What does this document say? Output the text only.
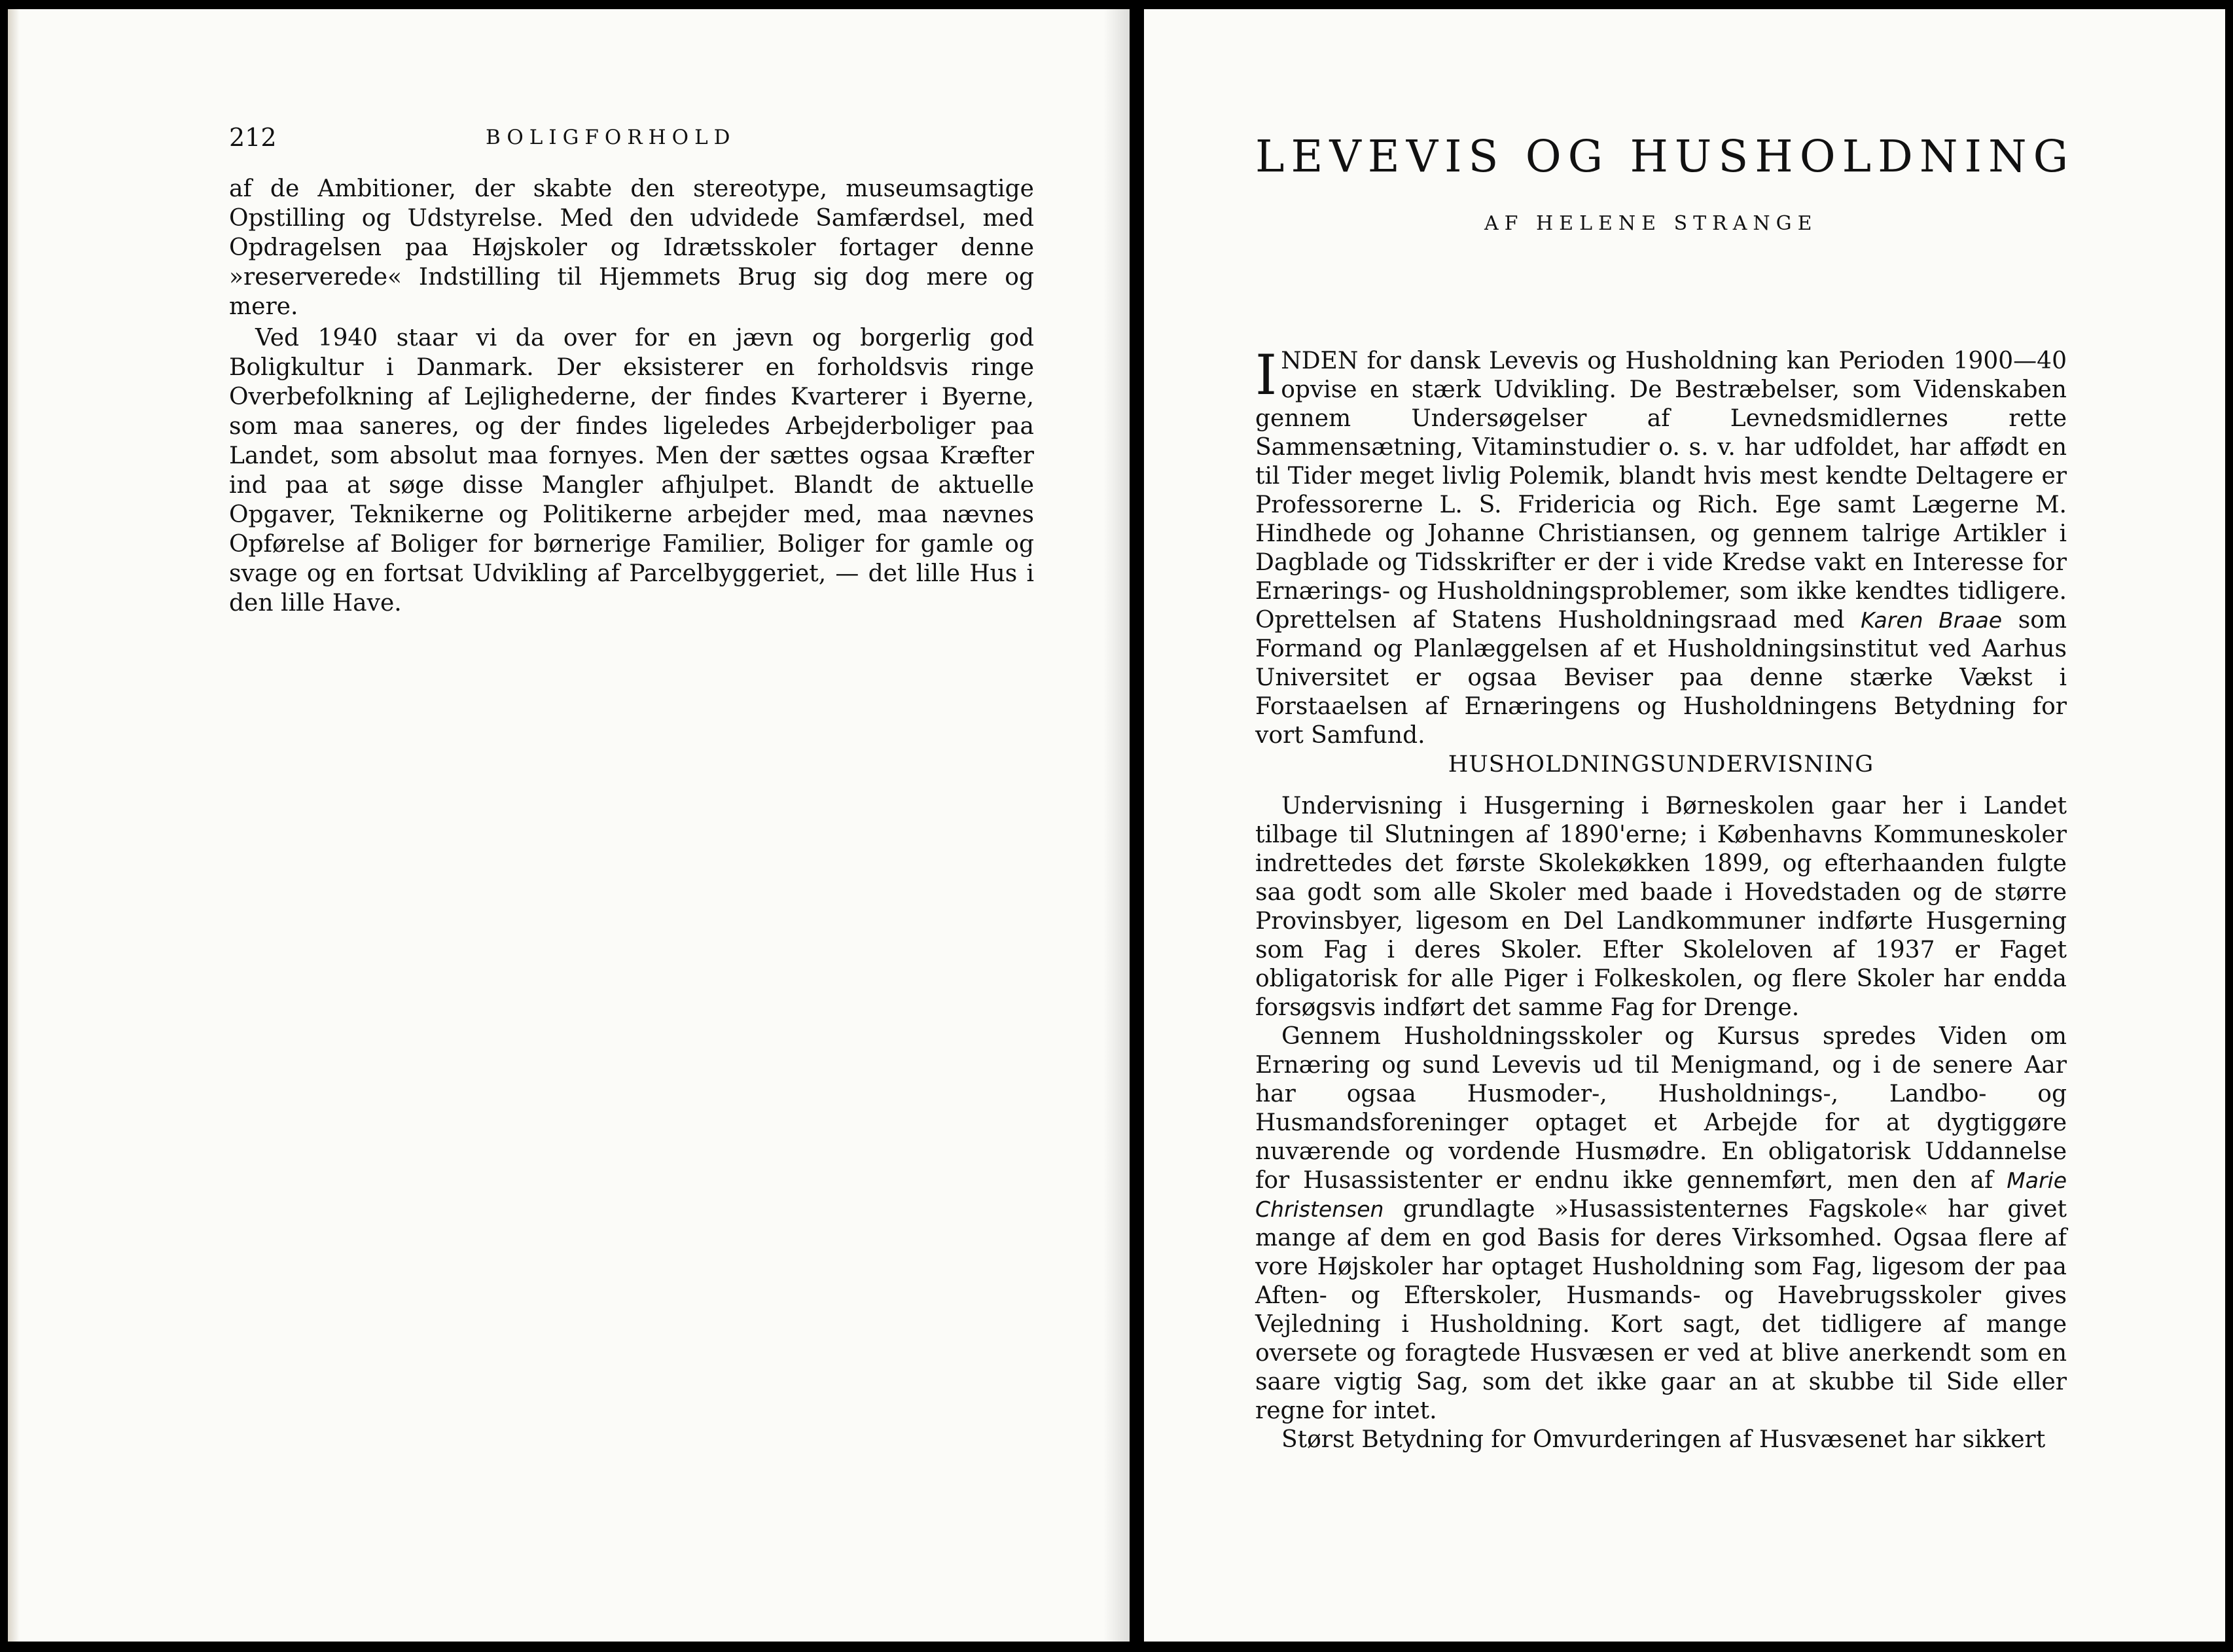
212	BOLIGFORHOLD

af de Ambitioner, der skabte den stereotype, museumsagtige Opstilling og Udstyrelse. Med den udvidede Samfærdsel, med Opdragelsen paa Højskoler og Idrætsskoler fortager denne »reserverede« Indstilling til Hjemmets Brug sig dog mere og mere.

Ved 1940 staar vi da over for en jævn og borgerlig god Boligkultur i Danmark. Der eksisterer en forholdsvis ringe Overbefolkning af Lejlighederne, der findes Kvarterer i Byerne, som maa saneres, og der findes ligeledes Arbejderboliger paa Landet, som absolut maa fornyes. Men der sættes ogsaa Kræfter ind paa at søge disse Mangler afhjulpet. Blandt de aktuelle Opgaver, Teknikerne og Politikerne arbejder med, maa nævnes Opførelse af Boliger for børnerige Familier, Boliger for gamle og svage og en fortsat Udvikling af Parcelbyggeriet, — det lille Hus i den lille Have.

LEVEVIS OG HUSHOLDNING
AF HELENE STRANGE
INDEN for dansk Levevis og Husholdning kan Perioden 1900—40 opvise en stærk Udvikling. De Bestræbelser, som Videnskaben gennem Undersøgelser af Levnedsmidlernes rette Sammensætning, Vitaminstudier o. s. v. har udfoldet, har affødt en til Tider meget livlig Polemik, blandt hvis mest kendte Deltagere er Professorerne L. S. Fridericia og Rich. Ege samt Lægerne M. Hindhede og Johanne Christiansen, og gennem talrige Artikler i Dagblade og Tidsskrifter er der i vide Kredse vakt en Interesse for Ernærings- og Husholdningsproblemer, som ikke kendtes tidligere. Oprettelsen af Statens Husholdningsraad med Karen Braae som Formand og Planlæggelsen af et Husholdningsinstitut ved Aarhus Universitet er ogsaa Beviser paa denne stærke Vækst i Forstaaelsen af Ernæringens og Husholdningens Betydning for vort Samfund.
HUSHOLDNINGSUNDERVISNING

Undervisning i Husgerning i Børneskolen gaar her i Landet tilbage til Slutningen af 1890'erne; i Københavns Kommuneskoler indrettedes det første Skolekøkken 1899, og efterhaanden fulgte saa godt som alle Skoler med baade i Hovedstaden og de større Provinsbyer, ligesom en Del Landkommuner indførte Husgerning som Fag i deres Skoler. Efter Skoleloven af 1937 er Faget obligatorisk for alle Piger i Folkeskolen, og flere Skoler har endda forsøgsvis indført det samme Fag for Drenge.

Gennem Husholdningsskoler og Kursus spredes Viden om Ernæring og sund Levevis ud til Menigmand, og i de senere Aar har ogsaa Husmoder-, Husholdnings-, Landbo- og Husmandsforeninger optaget et Arbejde for at dygtiggøre nuværende og vordende Husmødre. En obligatorisk Uddannelse for Husassistenter er endnu ikke gennemført, men den af Marie Christensen grundlagte »Husassistenternes Fagskole« har givet mange af dem en god Basis for deres Virksomhed. Ogsaa flere af vore Højskoler har optaget Husholdning som Fag, ligesom der paa Aften- og Efterskoler, Husmands- og Havebrugsskoler gives Vejledning i Husholdning. Kort sagt, det tidligere af mange oversete og foragtede Husvæsen er ved at blive anerkendt som en saare vigtig Sag, som det ikke gaar an at skubbe til Side eller regne for intet.

Størst Betydning for Omvurderingen af Husvæsenet har sikkert
